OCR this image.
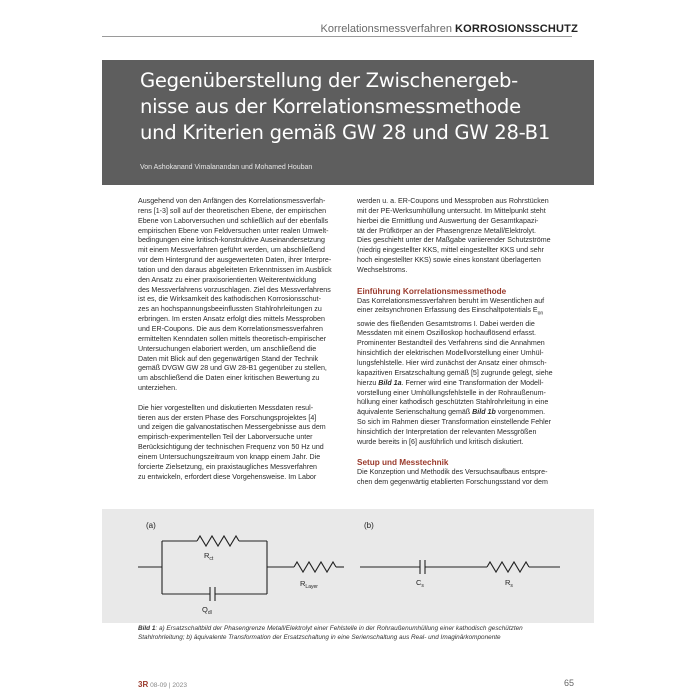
Korrelationsmessverfahren KORROSIONSSCHUTZ
Gegenüberstellung der Zwischenergeb-
nisse aus der Korrelationsmessmethode
und Kriterien gemäß GW 28 und GW 28-B1
Von Ashokanand Vimalanandan und Mohamed Houban

Ausgehend von den Anfängen des Korrelationsmessverfah-
rens [1-3] soll auf der theoretischen Ebene, der empirischen
Ebene von Laborversuchen und schließlich auf der ebenfalls
empirischen Ebene von Feldversuchen unter realen Umwelt-
bedingungen eine kritisch-konstruktive Auseinandersetzung
mit einem Messverfahren geführt werden, um abschließend
vor dem Hintergrund der ausgewerteten Daten, ihrer Interpre-
tation und den daraus abgeleiteten Erkenntnissen im Ausblick
den Ansatz zu einer praxisorientierten Weiterentwicklung
des Messverfahrens vorzuschlagen. Ziel des Messverfahrens
ist es, die Wirksamkeit des kathodischen Korrosionsschut-
zes an hochspannungsbeeinflussten Stahlrohrleitungen zu
erbringen. Im ersten Ansatz erfolgt dies mittels Messproben
und ER-Coupons. Die aus dem Korrelationsmessverfahren
ermittelten Kenndaten sollen mittels theoretisch-empirischer
Untersuchungen elaboriert werden, um anschließend die
Daten mit Blick auf den gegenwärtigen Stand der Technik
gemäß DVGW GW 28 und GW 28-B1 gegenüber zu stellen,
um abschließend die Daten einer kritischen Bewertung zu
unterziehen.

Die hier vorgestellten und diskutierten Messdaten resul-
tieren aus der ersten Phase des Forschungsprojektes [4]
und zeigen die galvanostatischen Messergebnisse aus dem
empirisch-experimentellen Teil der Laborversuche unter
Berücksichtigung der technischen Frequenz von 50 Hz und
einem Untersuchungszeitraum von knapp einem Jahr. Die
forcierte Zielsetzung, ein praxistaugliches Messverfahren
zu entwickeln, erfordert diese Vorgehensweise. Im Labor

werden u. a. ER-Coupons und Messproben aus Rohrstücken
mit der PE-Werksumhüllung untersucht. Im Mittelpunkt steht
hierbei die Ermittlung und Auswertung der Gesamtkapazi-
tät der Prüfkörper an der Phasengrenze Metall/Elektrolyt.
Dies geschieht unter der Maßgabe variierender Schutzströme
(niedrig eingestellter KKS, mittel eingestellter KKS und sehr
hoch eingestellter KKS) sowie eines konstant überlagerten
Wechselstroms.

Einführung Korrelationsmessmethode

Das Korrelationsmessverfahren beruht im Wesentlichen auf
einer zeitsynchronen Erfassung des Einschaltpotentials $E_{on}$
sowie des fließenden Gesamtstroms I. Dabei werden die
Messdaten mit einem Oszilloskop hochauflösend erfasst.
Prominenter Bestandteil des Verfahrens sind die Annahmen
hinsichtlich der elektrischen Modellvorstellung einer Umhül-
lungsfehlstelle. Hier wird zunächst der Ansatz einer ohmsch-
kapazitiven Ersatzschaltung gemäß [5] zugrunde gelegt, siehe
hierzu Bild 1a. Ferner wird eine Transformation der Modell-
vorstellung einer Umhüllungsfehlstelle in der Rohraußenum-
hüllung einer kathodisch geschützten Stahlrohrleitung in eine
äquivalente Serienschaltung gemäß Bild 1b vorgenommen.
So sich im Rahmen dieser Transformation einstellende Fehler
hinsichtlich der Interpretation der relevanten Messgrößen
wurde bereits in [6] ausführlich und kritisch diskutiert.

Setup und Messtechnik

Die Konzeption und Methodik des Versuchsaufbaus entspre-
chen dem gegenwärtig etablierten Forschungsstand vor dem

(a)
$R_{ct}$
$Q_{dl}$
$R_{Layer}$
(b)
$C_s$	$R_s$

Bild 1: a) Ersatzschaltbild der Phasengrenze Metall/Elektrolyt einer Fehlstelle in der Rohraußenumhüllung einer kathodisch geschützten
Stahlrohrleitung; b) äquivalente Transformation der Ersatzschaltung in eine Serienschaltung aus Real- und Imaginärkomponente

3R 08-09 | 2023	65
